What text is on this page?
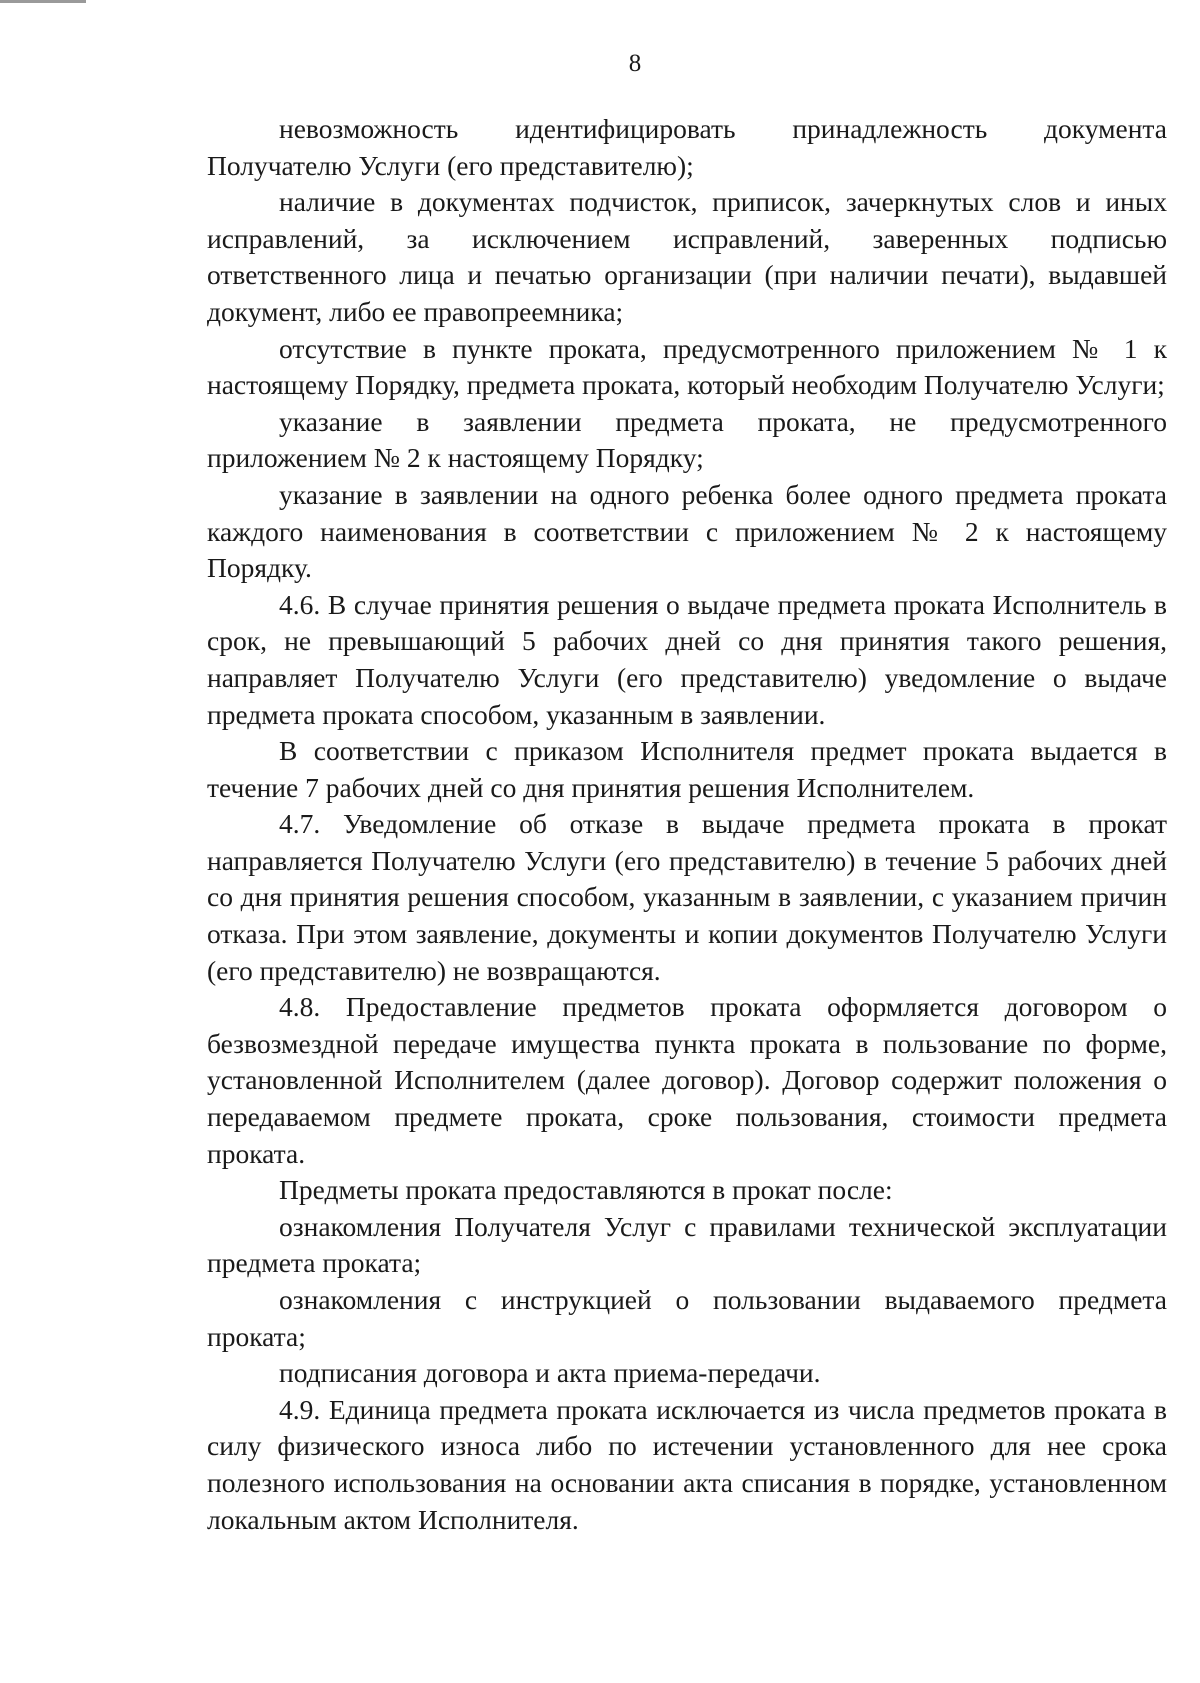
8

невозможность идентифицировать принадлежность документа Получателю Услуги (его представителю);

наличие в документах подчисток, приписок, зачеркнутых слов и иных исправлений, за исключением исправлений, заверенных подписью ответственного лица и печатью организации (при наличии печати), выдавшей документ, либо ее правопреемника;

отсутствие в пункте проката, предусмотренного приложением № 1 к настоящему Порядку, предмета проката, который необходим Получателю Услуги;

указание в заявлении предмета проката, не предусмотренного приложением № 2 к настоящему Порядку;

указание в заявлении на одного ребенка более одного предмета проката каждого наименования в соответствии с приложением № 2 к настоящему Порядку.

4.6. В случае принятия решения о выдаче предмета проката Исполнитель в срок, не превышающий 5 рабочих дней со дня принятия такого решения, направляет Получателю Услуги (его представителю) уведомление о выдаче предмета проката способом, указанным в заявлении.

В соответствии с приказом Исполнителя предмет проката выдается в течение 7 рабочих дней со дня принятия решения Исполнителем.

4.7. Уведомление об отказе в выдаче предмета проката в прокат направляется Получателю Услуги (его представителю) в течение 5 рабочих дней со дня принятия решения способом, указанным в заявлении, с указанием причин отказа. При этом заявление, документы и копии документов Получателю Услуги (его представителю) не возвращаются.

4.8. Предоставление предметов проката оформляется договором о безвозмездной передаче имущества пункта проката в пользование по форме, установленной Исполнителем (далее договор). Договор содержит положения о передаваемом предмете проката, сроке пользования, стоимости предмета проката.

Предметы проката предоставляются в прокат после:

ознакомления Получателя Услуг с правилами технической эксплуатации предмета проката;

ознакомления с инструкцией о пользовании выдаваемого предмета проката;

подписания договора и акта приема-передачи.

4.9. Единица предмета проката исключается из числа предметов проката в силу физического износа либо по истечении установленного для нее срока полезного использования на основании акта списания в порядке, установленном локальным актом Исполнителя.
